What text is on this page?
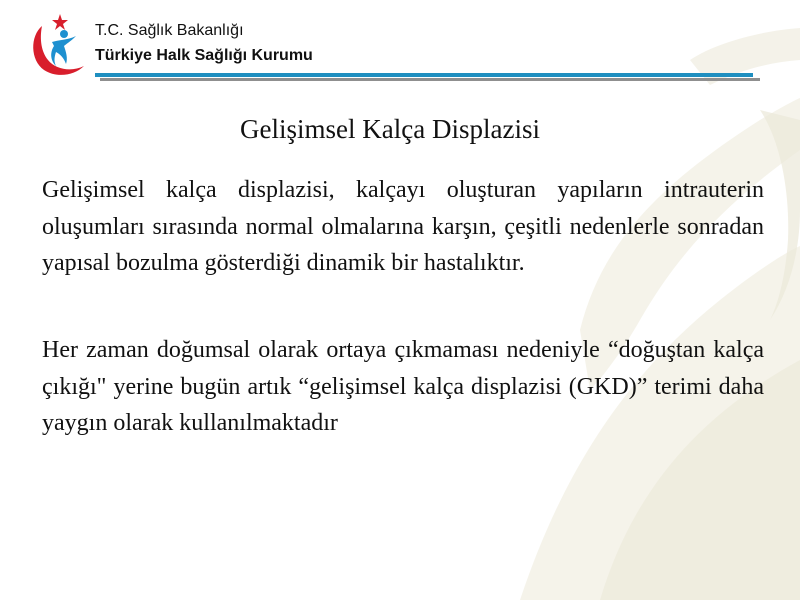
T.C. Sağlık Bakanlığı
Türkiye Halk Sağlığı Kurumu
Gelişimsel Kalça Displazisi

Gelişimsel kalça displazisi, kalçayı oluşturan yapıların intrauterin oluşumları sırasında normal olmalarına karşın, çeşitli nedenlerle sonradan yapısal bozulma gösterdiği dinamik bir hastalıktır.

Her zaman doğumsal olarak ortaya çıkmaması nedeniyle “doğuştan kalça çıkığı" yerine bugün artık “gelişimsel kalça displazisi (GKD)” terimi daha yaygın olarak kullanılmaktadır
